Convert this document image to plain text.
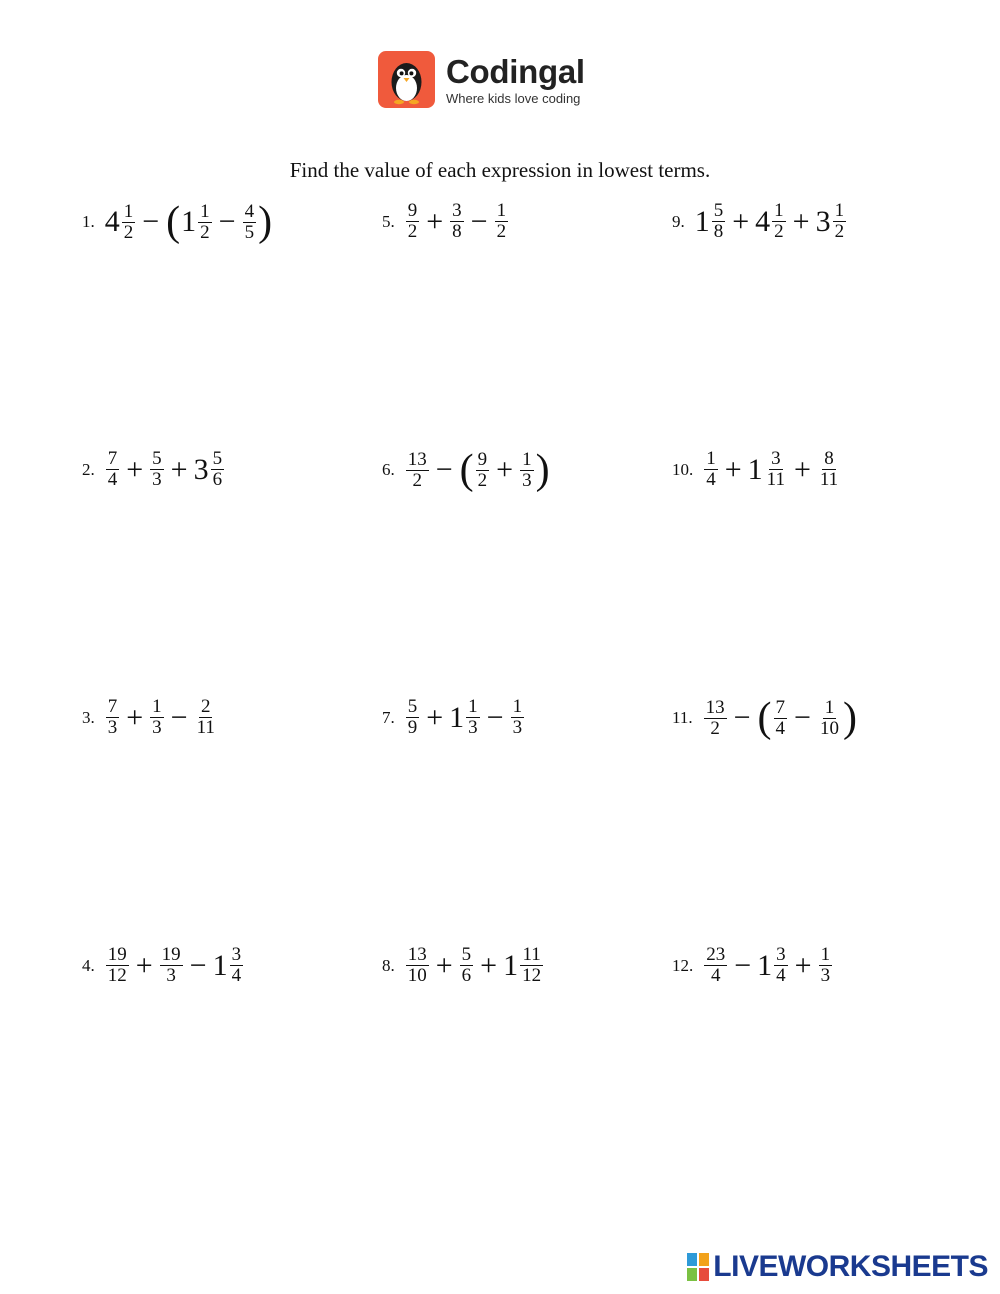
Codingal
Where kids love coding
Find the value of each expression in lowest terms.
1. $4 \frac{1}{2}$ − ( $1 \frac{1}{2} - \frac{4}{5}$ )
2. $\frac{7}{4} + \frac{5}{3} + 3 \frac{5}{6}$
3. $\frac{7}{3} + \frac{1}{3} - \frac{2}{11}$
4. $\frac{19}{12} + \frac{19}{3} - 1 \frac{3}{4}$
5. $\frac{9}{2} + \frac{3}{8} - \frac{1}{2}$
6. $\frac{13}{2}$ − ( $\frac{9}{2} + \frac{1}{3}$ )
7. $\frac{5}{9} + 1 \frac{1}{3} - \frac{1}{3}$
8. $\frac{13}{10} + \frac{5}{6} + 1 \frac{11}{12}$
9. $1 \frac{5}{8} + 4 \frac{1}{2} + 3 \frac{1}{2}$
10. $\frac{1}{4} + 1 \frac{3}{11} + \frac{8}{11}$
11. $\frac{13}{2}$ − ( $\frac{7}{4} - \frac{1}{10}$ )
12. $\frac{23}{4} - 1 \frac{3}{4} + \frac{1}{3}$
LIVEWORKSHEETS
